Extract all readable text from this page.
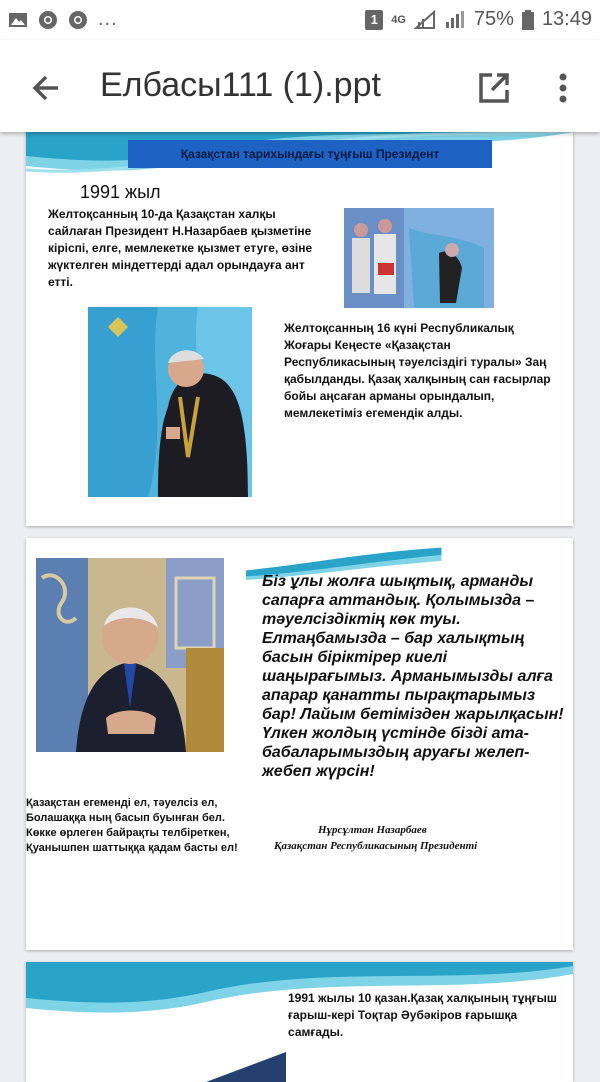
...	1	4G	75% 13:49
Елбасы111 (1).ppt
Қазақстан тарихындағы тұңғыш Президент
1991 жыл
Желтоқсанның 10-да Қазақстан халқы сайлаған Президент Н.Назарбаев қызметіне кіріспі, елге, мемлекетке қызмет етуге, өзіне жүктелген міндеттерді адал орындауға ант етті.
Желтоқсанның 16 күні Республикалық Жоғары Кеңесте «Қазақстан Республикасының тәуелсіздігі туралы» Заң қабылданды. Қазақ халқының сан ғасырлар бойы аңсаған арманы орындалып, мемлекетіміз егемендік алды.
Біз ұлы жолға шықтық, арманды сапарға аттандық. Қолымызда – тәуелсіздіктің көк туы. Елтаңбамызда – бар халықтың басын біріктірер киелі шаңырағымыз. Арманымызды алға апарар қанатты пырақтарымыз бар! Лайым бетімізден жарылқасын! Үлкен жолдың үстінде бізді ата-бабаларымыздың аруағы желеп-жебеп жүрсін!
Қазақстан егеменді ел, тәуелсіз ел,
Болашаққа ның басып буынған бел.
Көкке өрлеген байрақты телбіреткен,
Қуанышпен шаттыққа қадам басты ел!
Нұрсұлтан Назарбаев
Қазақстан Республикасының Президенті
1991 жылы 10 қазан.Қазақ халқының тұңғыш ғарыш-кері Тоқтар Әубәкіров ғарышқа самғады.
